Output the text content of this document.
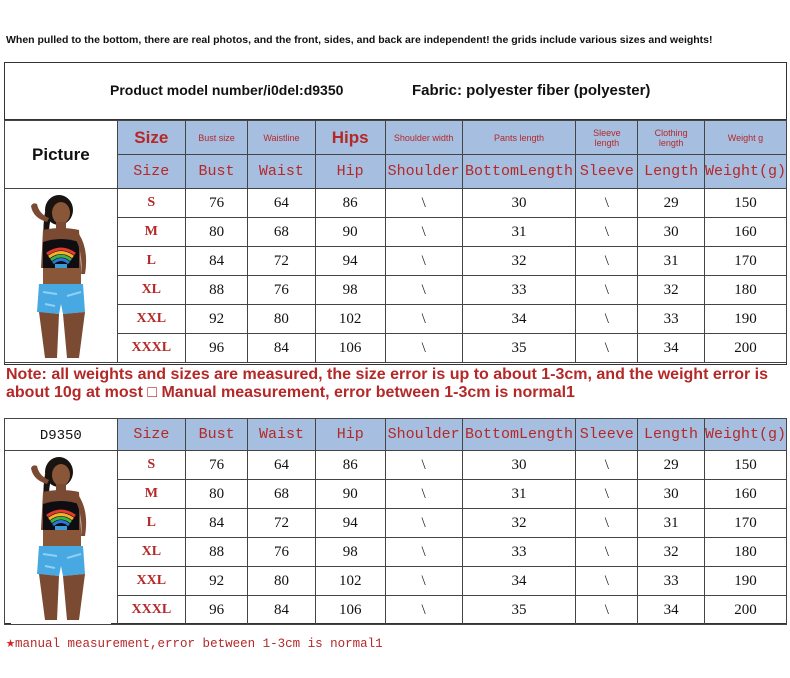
When pulled to the bottom, there are real photos, and the front, sides, and back are independent! the grids include various sizes and weights!
Product model number/i0del:d9350	Fabric: polyester fiber (polyester)
Picture	Size	Bust size	Waistline	Hips	Shoulder width	Pants length	Sleeve length	Clothing length	Weight g
	Size	Bust	Waist	Hip	Shoulder	BottomLength	Sleeve	Length	Weight(g)

	S	76	64	86	\	30	\	29	150
	M	80	68	90	\	31	\	30	160
	L	84	72	94	\	32	\	31	170
	XL	88	76	98	\	33	\	32	180
	XXL	92	80	102	\	34	\	33	190
	XXXL	96	84	106	\	35	\	34	200
Note: all weights and sizes are measured, the size error is up to about 1-3cm, and the weight error is about 10g at most □ Manual measurement, error between 1-3cm is normal1
D9350	Size	Bust	Waist	Hip	Shoulder	BottomLength	Sleeve	Length	Weight(g)

	S	76	64	86	\	30	\	29	150
	M	80	68	90	\	31	\	30	160
	L	84	72	94	\	32	\	31	170
	XL	88	76	98	\	33	\	32	180
	XXL	92	80	102	\	34	\	33	190
	XXXL	96	84	106	\	35	\	34	200
★manual measurement,error between 1-3cm is normal1
